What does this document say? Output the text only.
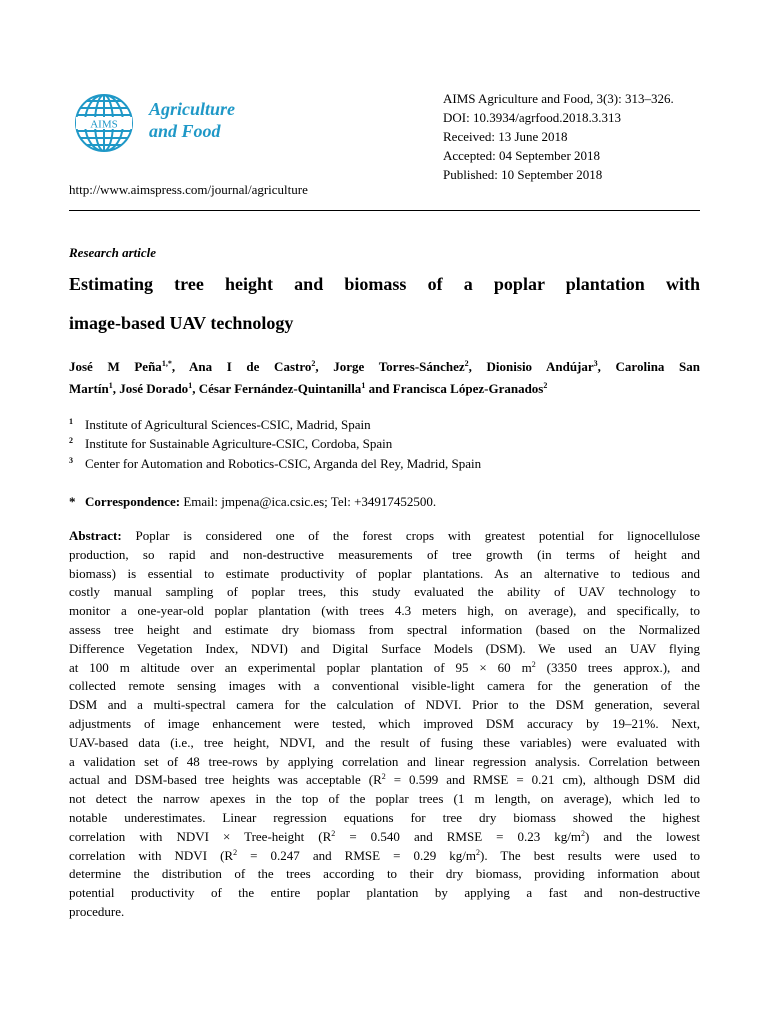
AIMS
Agriculture
and Food
AIMS Agriculture and Food, 3(3): 313–326.
DOI: 10.3934/agrfood.2018.3.313
Received: 13 June 2018
Accepted: 04 September 2018
Published: 10 September 2018
http://www.aimspress.com/journal/agriculture
Research article
Estimating tree height and biomass of a poplar plantation with
image-based UAV technology
José M Peña$^{1,*}$, Ana I de Castro$^2$, Jorge Torres-Sánchez$^2$, Dionisio Andújar$^3$, Carolina San
Martín$^1$, José Dorado$^1$, César Fernández-Quintanilla$^1$ and Francisca López-Granados$^2$
1 Institute of Agricultural Sciences-CSIC, Madrid, Spain
2 Institute for Sustainable Agriculture-CSIC, Cordoba, Spain
3 Center for Automation and Robotics-CSIC, Arganda del Rey, Madrid, Spain
* Correspondence: Email: jmpena@ica.csic.es; Tel: +34917452500.
Abstract: Poplar is considered one of the forest crops with greatest potential for lignocellulose
production, so rapid and non-destructive measurements of tree growth (in terms of height and
biomass) is essential to estimate productivity of poplar plantations. As an alternative to tedious and
costly manual sampling of poplar trees, this study evaluated the ability of UAV technology to
monitor a one-year-old poplar plantation (with trees 4.3 meters high, on average), and specifically, to
assess tree height and estimate dry biomass from spectral information (based on the Normalized
Difference Vegetation Index, NDVI) and Digital Surface Models (DSM). We used an UAV flying
at 100 m altitude over an experimental poplar plantation of 95 × 60 $m^2$ (3350 trees approx.), and
collected remote sensing images with a conventional visible-light camera for the generation of the
DSM and a multi-spectral camera for the calculation of NDVI. Prior to the DSM generation, several
adjustments of image enhancement were tested, which improved DSM accuracy by 19–21%. Next,
UAV-based data (i.e., tree height, NDVI, and the result of fusing these variables) were evaluated with
a validation set of 48 tree-rows by applying correlation and linear regression analysis. Correlation between
actual and DSM-based tree heights was acceptable ($R^2 = 0.599$ and RMSE = 0.21 cm), although DSM did
not detect the narrow apexes in the top of the poplar trees (1 m length, on average), which led to
notable underestimates. Linear regression equations for tree dry biomass showed the highest
correlation with NDVI × Tree-height ($R^2 = 0.540$ and RMSE = 0.23 $kg/m^2$) and the lowest
correlation with NDVI ($R^2 = 0.247$ and RMSE = 0.29 $kg/m^2$). The best results were used to
determine the distribution of the trees according to their dry biomass, providing information about
potential productivity of the entire poplar plantation by applying a fast and non-destructive
procedure.
